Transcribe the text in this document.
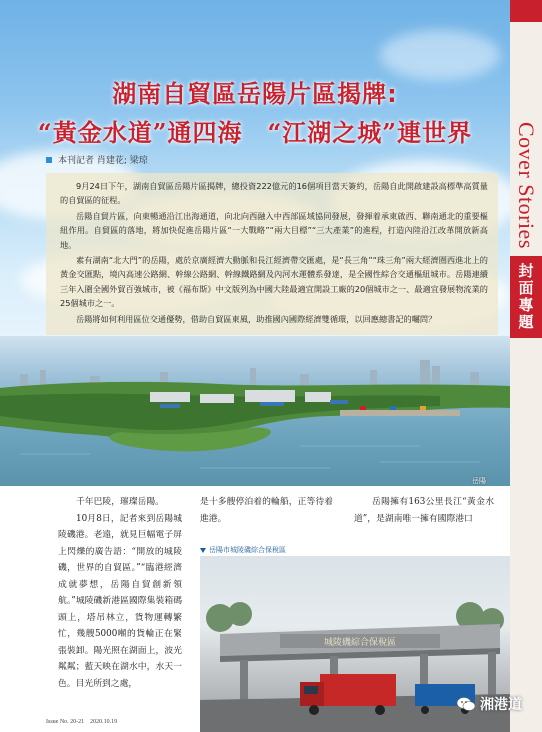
Cover Stories
封面專題
湖南自貿區岳陽片區揭牌:
“黃金水道”通四海　“江湖之城”連世界
本刊記者 肖建花; 梁琼

9月24日下午，湖南自貿區岳陽片區揭牌，總投資222億元的16個項目當天簽約，岳陽自此開啟建設高標準高質量的自貿區的征程。

岳陽自貿片區，向東暢通沿江出海通道，向北向西融入中西部區域協同發展，發揮着承東啟西、聯南通北的重要樞紐作用。自貿區的落地，將加快促進岳陽片區“一大戰略”“兩大目標”“三大產業”的進程，打造內陸沿江改革開放新高地。

素有湖南“北大門”的岳陽，處於京廣經濟大動脈和長江經濟帶交匯處，是“長三角”“珠三角”兩大經濟圈西進北上的黃金交匯點，境內高速公路網、幹線公路網、幹線鐵路網及內河水運體系發達，是全國性綜合交通樞紐城市。岳陽連續三年入圍全國外貿百強城市，被《福布斯》中文版列為中國大陸最適宜開設工廠的20個城市之一、最適宜發展物流業的25個城市之一。

岳陽將如何利用區位交通優勢，借助自貿區東風，助推國內國際經濟雙循環，以回應總書記的囑問？

岳陽

千年巴陵，璀璨岳陽。

10月8日，記者來到岳陽城陵磯港。老遠，就見巨幅電子屏上閃爍的廣告語：“開放的城陵磯，世界的自貿區。”“臨港經濟成就夢想，岳陽自貿創新領航。”城陵磯新港區國際集裝箱碼頭上，塔吊林立，貨物運轉繁忙，幾艘5000噸的貨輪正在緊張裝卸。陽光照在湖面上，波光粼粼；藍天映在湖水中，水天一色。目光所到之處，

是十多艘停泊着的輪船，正等待着進港。

岳陽擁有163公里長江“黃金水道”，是湖南唯一擁有國際港口

岳陽市城陵磯綜合保稅區
城陵磯綜合保稅區
Issue No. 20-21　2020.10.19
湘港道
